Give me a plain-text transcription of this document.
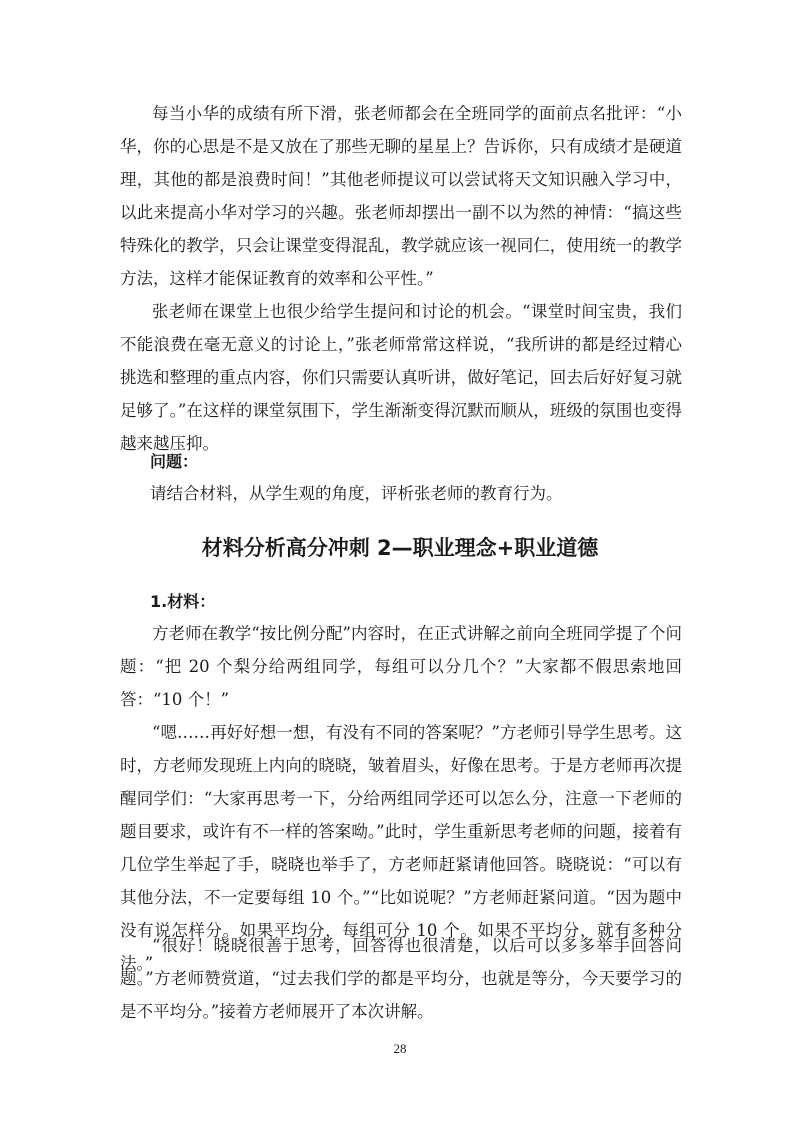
每当小华的成绩有所下滑，张老师都会在全班同学的面前点名批评：“小华，你的心思是不是又放在了那些无聊的星星上？告诉你，只有成绩才是硬道理，其他的都是浪费时间！”其他老师提议可以尝试将天文知识融入学习中，以此来提高小华对学习的兴趣。张老师却摆出一副不以为然的神情：“搞这些特殊化的教学，只会让课堂变得混乱，教学就应该一视同仁，使用统一的教学方法，这样才能保证教育的效率和公平性。”
张老师在课堂上也很少给学生提问和讨论的机会。“课堂时间宝贵，我们不能浪费在毫无意义的讨论上，”张老师常常这样说，“我所讲的都是经过精心挑选和整理的重点内容，你们只需要认真听讲，做好笔记，回去后好好复习就足够了。”在这样的课堂氛围下，学生渐渐变得沉默而顺从，班级的氛围也变得越来越压抑。
问题：
请结合材料，从学生观的角度，评析张老师的教育行为。
材料分析高分冲刺 2—职业理念+职业道德
1.材料：
方老师在教学“按比例分配”内容时，在正式讲解之前向全班同学提了个问题：“把 20 个梨分给两组同学，每组可以分几个？”大家都不假思索地回答：“10 个！”
“嗯……再好好想一想，有没有不同的答案呢？”方老师引导学生思考。这时，方老师发现班上内向的晓晓，皱着眉头，好像在思考。于是方老师再次提醒同学们：“大家再思考一下，分给两组同学还可以怎么分，注意一下老师的题目要求，或许有不一样的答案呦。”此时，学生重新思考老师的问题，接着有几位学生举起了手，晓晓也举手了，方老师赶紧请他回答。晓晓说：“可以有其他分法，不一定要每组 10 个。”“比如说呢？”方老师赶紧问道。“因为题中没有说怎样分。如果平均分，每组可分 10 个。如果不平均分，就有多种分法。”
“很好！晓晓很善于思考，回答得也很清楚，以后可以多多举手回答问题。”方老师赞赏道，“过去我们学的都是平均分，也就是等分，今天要学习的是不平均分。”接着方老师展开了本次讲解。
28
